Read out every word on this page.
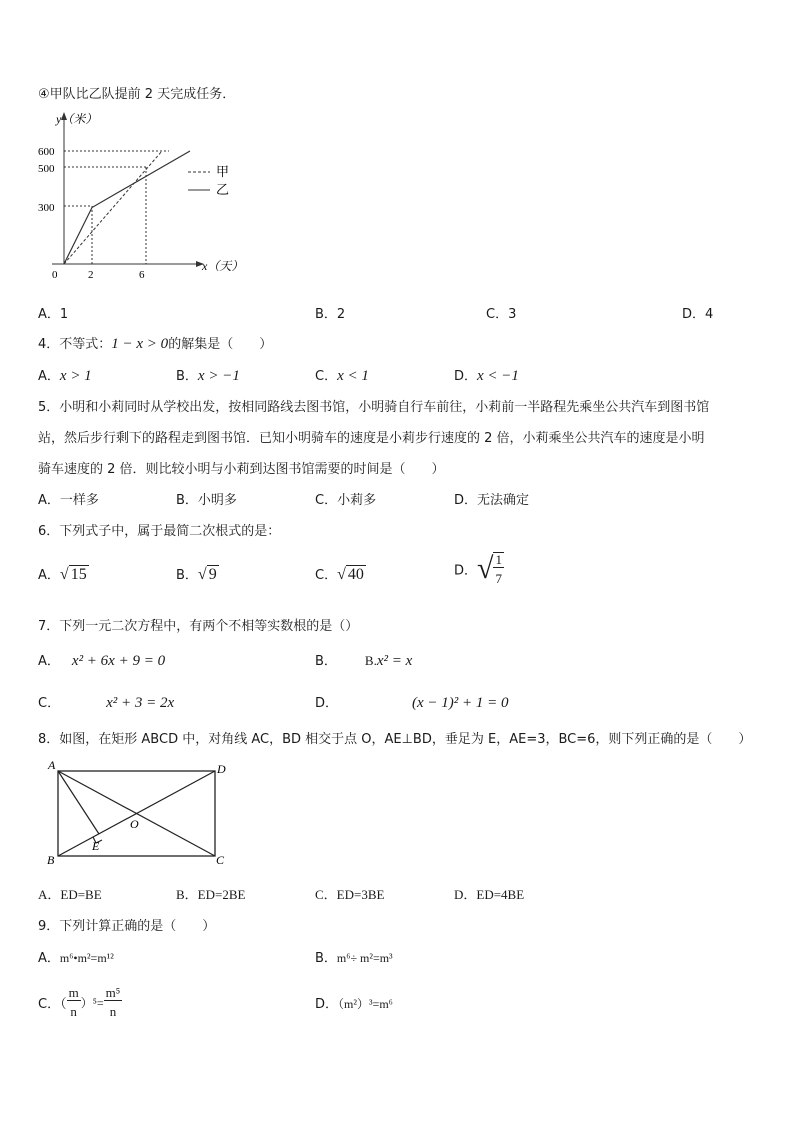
④甲队比乙队提前 2 天完成任务．
y（米）
x（天）
600
500
300
0	2	6
甲
乙
A．1	B．2	C．3	D．4
4．不等式：1 − x > 0的解集是（　　）
A．x > 1	B．x > −1	C．x < 1	D．x < −1
5．小明和小莉同时从学校出发，按相同路线去图书馆，小明骑自行车前往，小莉前一半路程先乘坐公共汽车到图书馆
站，然后步行剩下的路程走到图书馆．已知小明骑车的速度是小莉步行速度的 2 倍，小莉乘坐公共汽车的速度是小明
骑车速度的 2 倍．则比较小明与小莉到达图书馆需要的时间是（　　）
A．一样多	B．小明多	C．小莉多	D．无法确定
6．下列式子中，属于最简二次根式的是：
A．√ 15	B．√ 9	C．√ 40	D．√ $\frac{1}{7}$
7．下列一元二次方程中，有两个不相等实数根的是（）
A． x² + 6x + 9 = 0	B． B.x² = x
C．	x² + 3 = 2x	D．	(x − 1)² + 1 = 0
8．如图，在矩形 ABCD 中，对角线 AC，BD 相交于点 O，AE⊥BD，垂足为 E，AE=3，BC=6，则下列正确的是（　　）
A	D
B	C
E
O
A．ED=BE	B．ED=2BE	C．ED=3BE	D．ED=4BE
9．下列计算正确的是（　　）
A．m⁶•m²=m¹²	B．m⁶÷ m²=m³
C．（ $\frac{m}{n} )^5= \frac{\text{m⁵}}{n}$	D．（m²）³=m⁶
